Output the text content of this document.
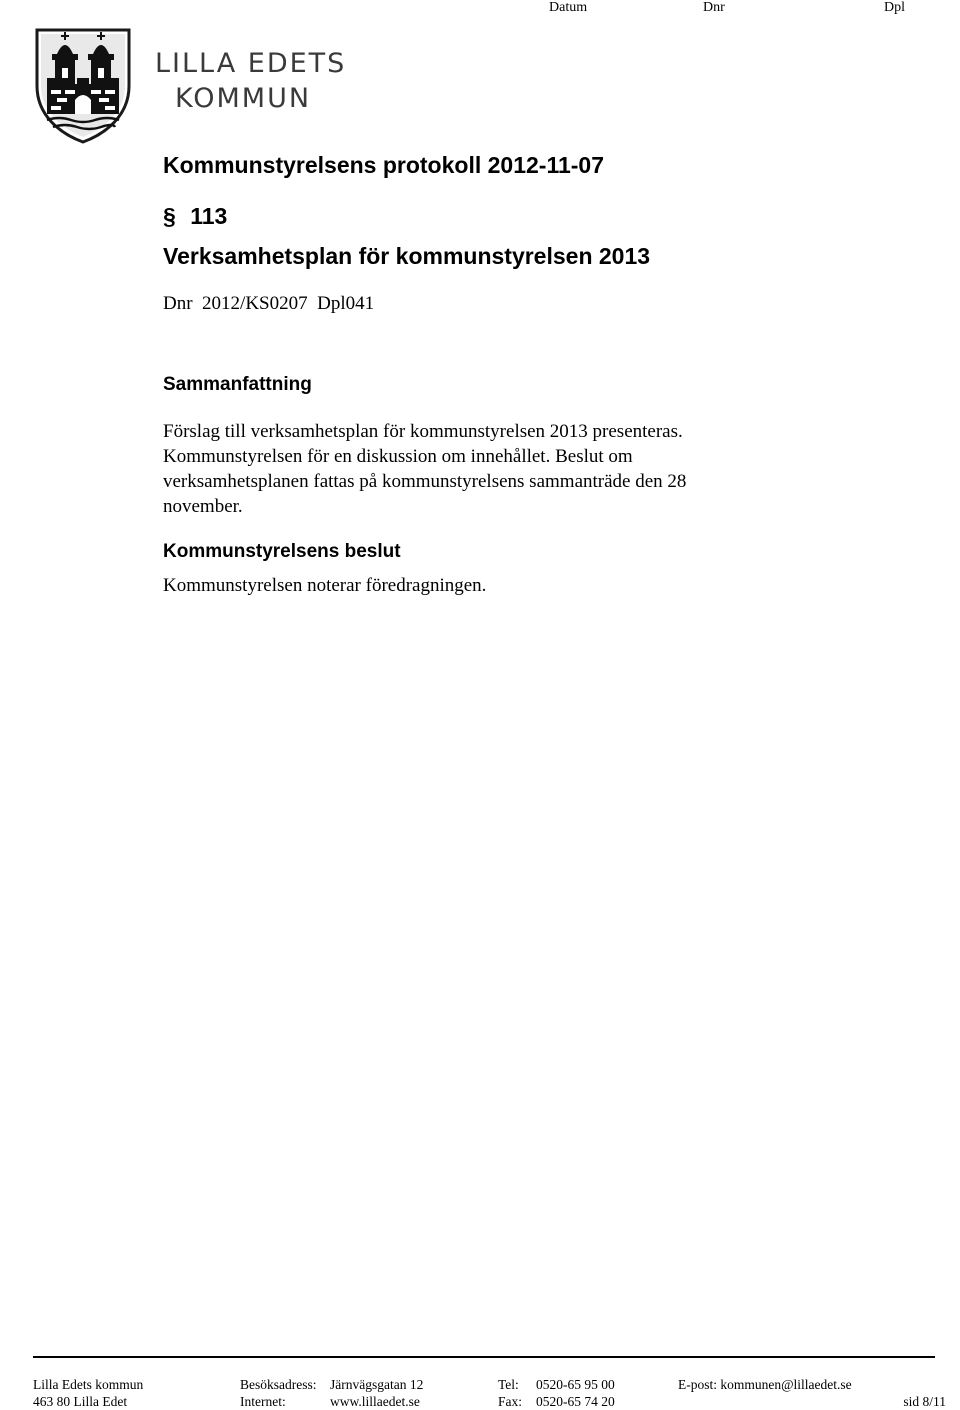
Datum	Dnr	Dpl
LILLA EDETS
KOMMUN
Kommunstyrelsens protokoll 2012-11-07
§ 113
Verksamhetsplan för kommunstyrelsen 2013
Dnr  2012/KS0207  Dpl041
Sammanfattning
Förslag till verksamhetsplan för kommunstyrelsen 2013 presenteras.
Kommunstyrelsen för en diskussion om innehållet. Beslut om
verksamhetsplanen fattas på kommunstyrelsens sammanträde den 28
november.
Kommunstyrelsens beslut
Kommunstyrelsen noterar föredragningen.
Lilla Edets kommun
463 80 Lilla Edet
Besöksadress: Järnvägsgatan 12
Internet:	www.lillaedet.se
Tel: 0520-65 95 00
Fax: 0520-65 74 20
E-post: kommunen@lillaedet.se
sid 8/11
